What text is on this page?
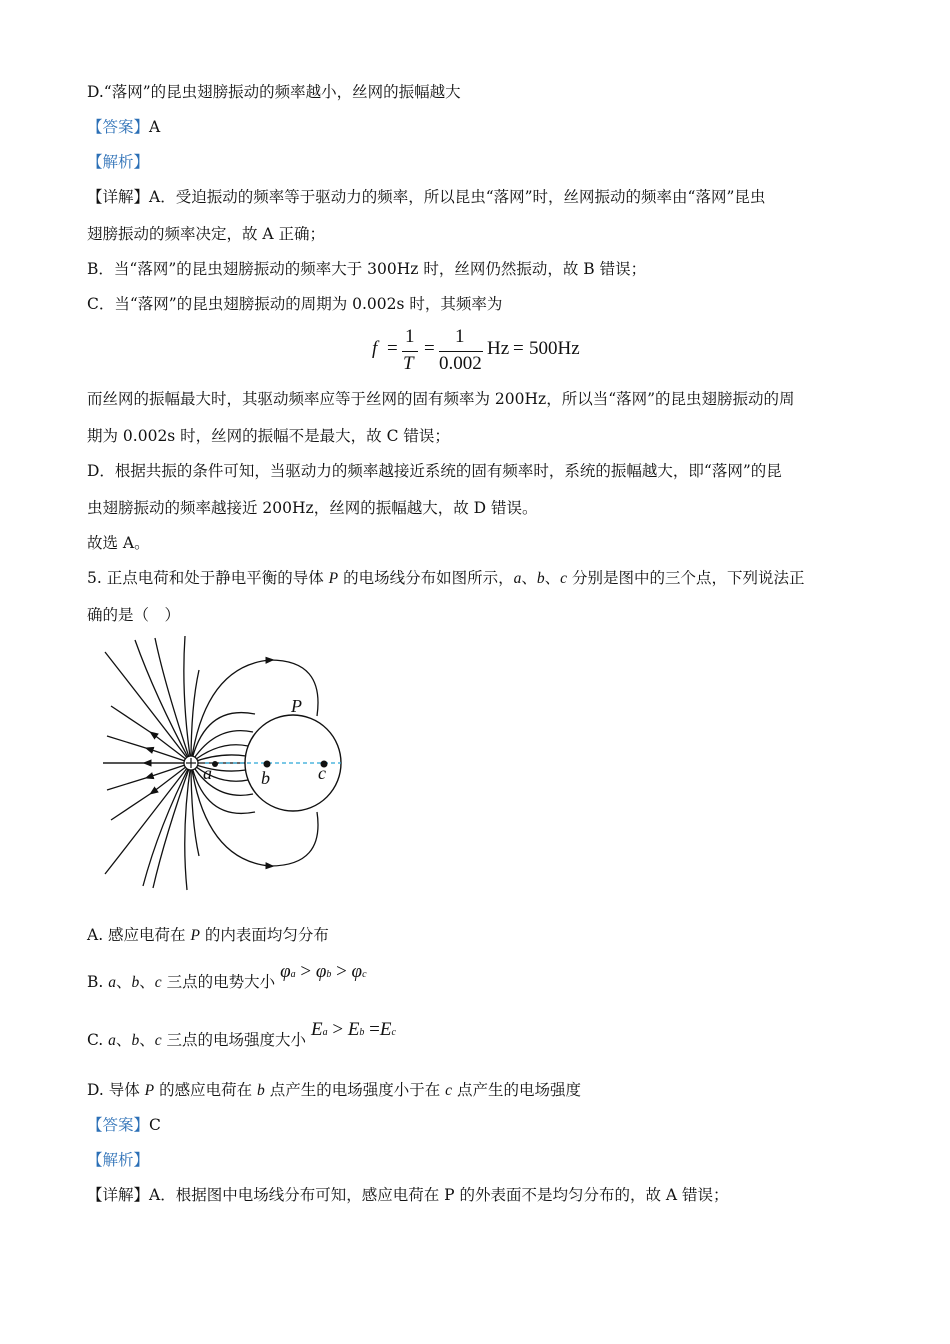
D.“落网”的昆虫翅膀振动的频率越小，丝网的振幅越大
【答案】A
【解析】
【详解】A．受迫振动的频率等于驱动力的频率，所以昆虫“落网”时，丝网振动的频率由“落网”昆虫
翅膀振动的频率决定，故 A 正确；
B．当“落网”的昆虫翅膀振动的频率大于 300Hz 时，丝网仍然振动，故 B 错误；
C．当“落网”的昆虫翅膀振动的周期为 0.002s 时，其频率为
f =
1
T
=
1
0.002
Hz = 500Hz
而丝网的振幅最大时，其驱动频率应等于丝网的固有频率为 200Hz，所以当“落网”的昆虫翅膀振动的周
期为 0.002s 时，丝网的振幅不是最大，故 C 错误；
D．根据共振的条件可知，当驱动力的频率越接近系统的固有频率时，系统的振幅越大，即“落网”的昆
虫翅膀振动的频率越接近 200Hz，丝网的振幅越大，故 D 错误。
故选 A。
5. 正点电荷和处于静电平衡的导体 P 的电场线分布如图所示，a、b、c 分别是图中的三个点，下列说法正
确的是（　）
a	b	c
P
A. 感应电荷在 P 的内表面均匀分布
B. a、b、c 三点的电势大小 φa > φb > φc
C. a、b、c 三点的电场强度大小 Ea > Eb =Ec
D. 导体 P 的感应电荷在 b 点产生的电场强度小于在 c 点产生的电场强度
【答案】C
【解析】
【详解】A．根据图中电场线分布可知，感应电荷在 P 的外表面不是均匀分布的，故 A 错误；
